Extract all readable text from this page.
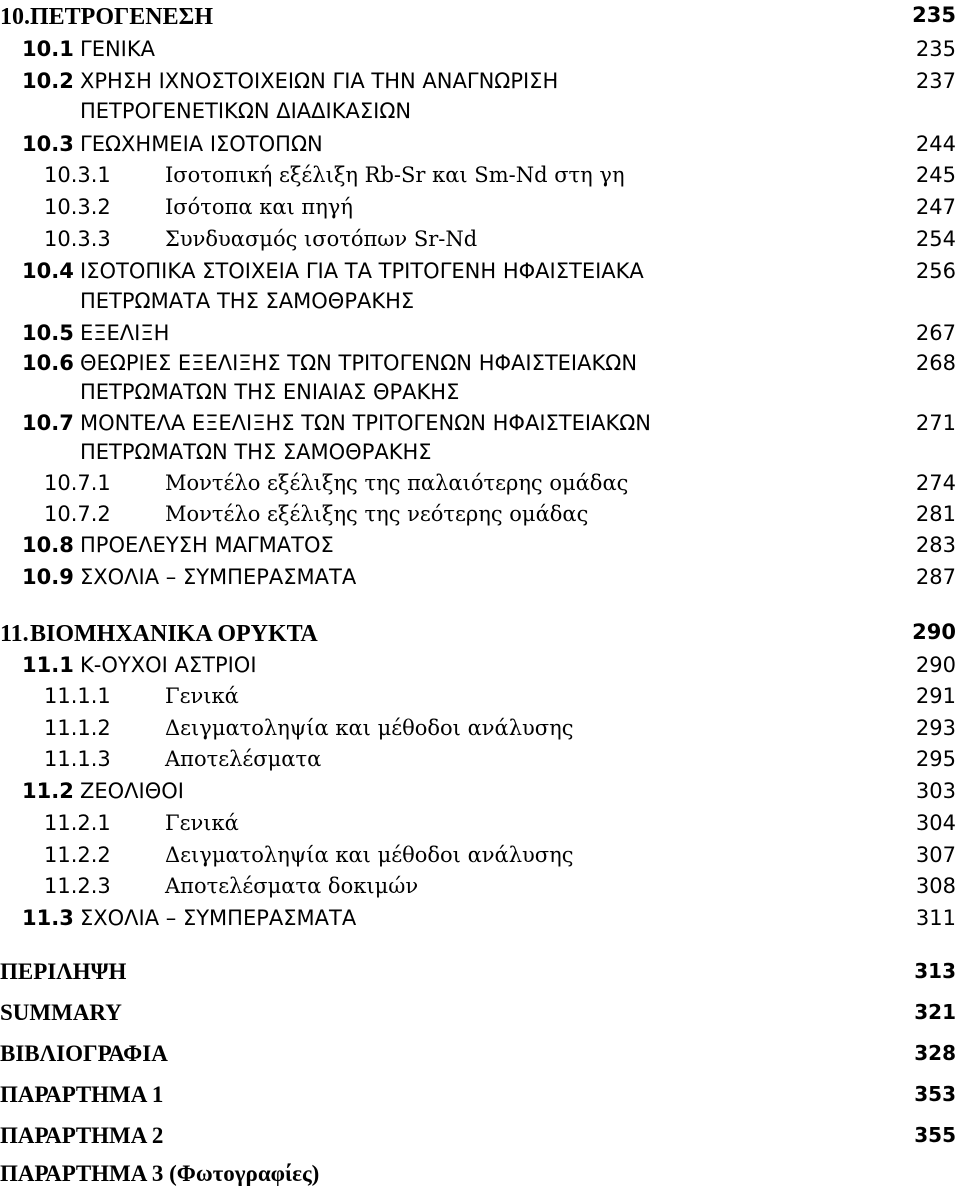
10. ΠΕΤΡΟΓΕΝΕΣΗ	235
10.1 ΓΕΝΙΚΑ	235
10.2 ΧΡΗΣΗ ΙΧΝΟΣΤΟΙΧΕΙΩΝ ΓΙΑ ΤΗΝ ΑΝΑΓΝΩΡΙΣΗ	237
ΠΕΤΡΟΓΕΝΕΤΙΚΩΝ ΔΙΑΔΙΚΑΣΙΩΝ
10.3 ΓΕΩΧΗΜΕΙΑ ΙΣΟΤΟΠΩΝ	244
10.3.1	Ισοτοπική εξέλιξη Rb-Sr και Sm-Nd στη γη	245
10.3.2	Ισότοπα και πηγή	247
10.3.3	Συνδυασμός ισοτόπων Sr-Nd	254
10.4 ΙΣΟΤΟΠΙΚΑ ΣΤΟΙΧΕΙΑ ΓΙΑ ΤΑ ΤΡΙΤΟΓΕΝΗ ΗΦΑΙΣΤΕΙΑΚΑ	256
ΠΕΤΡΩΜΑΤΑ ΤΗΣ ΣΑΜΟΘΡΑΚΗΣ
10.5 ΕΞΕΛΙΞΗ	267
10.6 ΘΕΩΡΙΕΣ ΕΞΕΛΙΞΗΣ ΤΩΝ ΤΡΙΤΟΓΕΝΩΝ ΗΦΑΙΣΤΕΙΑΚΩΝ	268
ΠΕΤΡΩΜΑΤΩΝ ΤΗΣ ΕΝΙΑΙΑΣ ΘΡΑΚΗΣ
10.7 ΜΟΝΤΕΛΑ ΕΞΕΛΙΞΗΣ ΤΩΝ ΤΡΙΤΟΓΕΝΩΝ ΗΦΑΙΣΤΕΙΑΚΩΝ	271
ΠΕΤΡΩΜΑΤΩΝ ΤΗΣ ΣΑΜΟΘΡΑΚΗΣ
10.7.1	Μοντέλο εξέλιξης της παλαιότερης ομάδας	274
10.7.2	Μοντέλο εξέλιξης της νεότερης ομάδας	281
10.8 ΠΡΟΕΛΕΥΣΗ ΜΑΓΜΑΤΟΣ	283
10.9 ΣΧΟΛΙΑ – ΣΥΜΠΕΡΑΣΜΑΤΑ	287
11. ΒΙΟΜΗΧΑΝΙΚΑ ΟΡΥΚΤΑ	290
11.1 Κ-ΟΥΧΟΙ ΑΣΤΡΙΟΙ	290
11.1.1	Γενικά	291
11.1.2	Δειγματοληψία και μέθοδοι ανάλυσης	293
11.1.3	Αποτελέσματα	295
11.2 ΖΕΟΛΙΘΟΙ	303
11.2.1	Γενικά	304
11.2.2	Δειγματοληψία και μέθοδοι ανάλυσης	307
11.2.3	Αποτελέσματα δοκιμών	308
11.3 ΣΧΟΛΙΑ – ΣΥΜΠΕΡΑΣΜΑΤΑ	311
ΠΕΡΙΛΗΨΗ	313
SUMMARY	321
ΒΙΒΛΙΟΓΡΑΦΙΑ	328
ΠΑΡΑΡΤΗΜΑ 1	353
ΠΑΡΑΡΤΗΜΑ 2	355
ΠΑΡΑΡΤΗΜΑ 3 (Φωτογραφίες)
